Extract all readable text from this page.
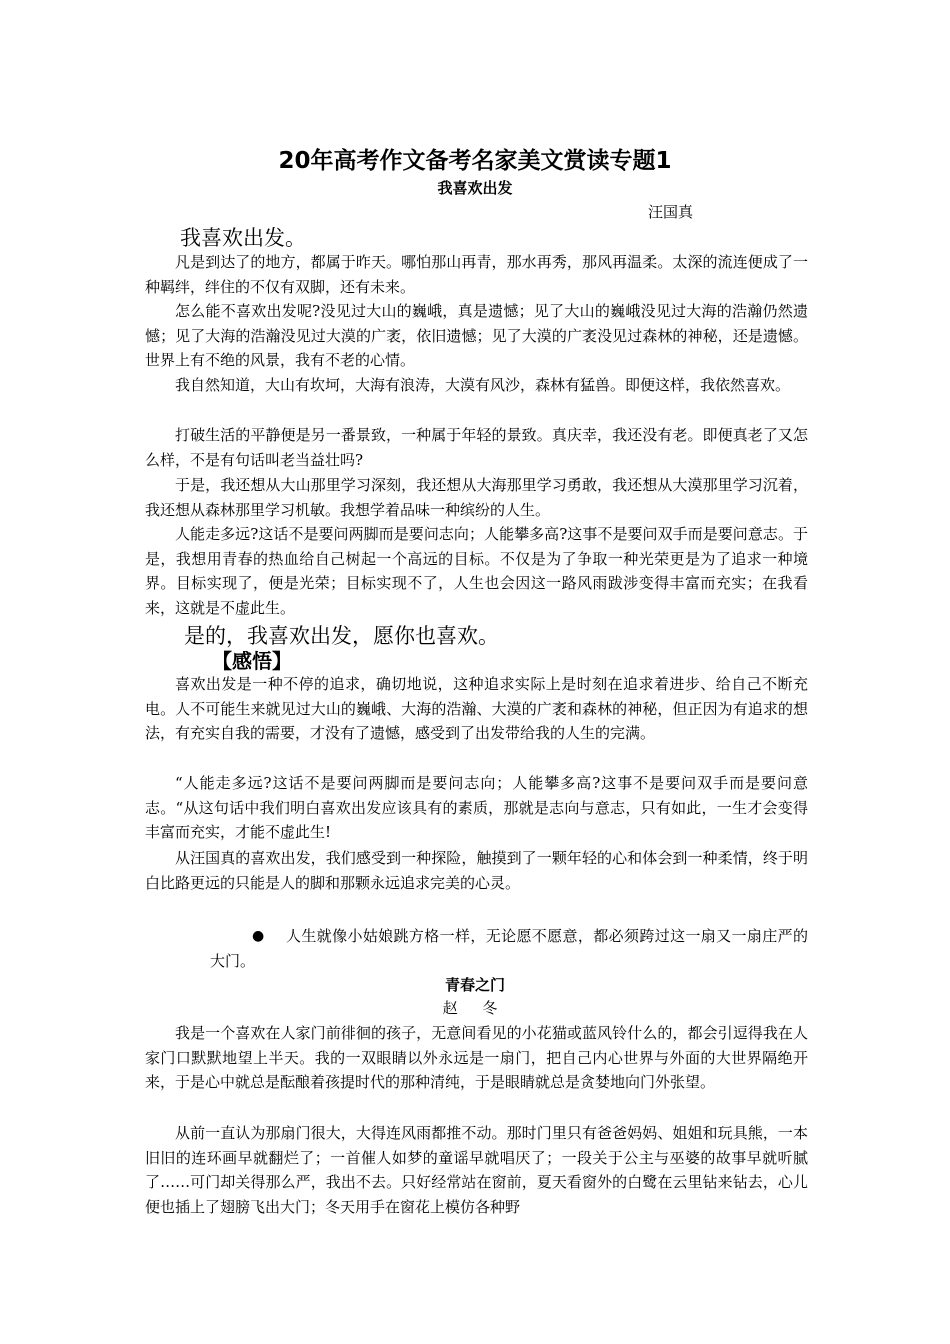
20年高考作文备考名家美文赏读专题1
我喜欢出发
汪国真
我喜欢出发。

凡是到达了的地方，都属于昨天。哪怕那山再青，那水再秀，那风再温柔。太深的流连便成了一种羁绊，绊住的不仅有双脚，还有未来。

怎么能不喜欢出发呢?没见过大山的巍峨，真是遗憾；见了大山的巍峨没见过大海的浩瀚仍然遗憾；见了大海的浩瀚没见过大漠的广袤，依旧遗憾；见了大漠的广袤没见过森林的神秘，还是遗憾。世界上有不绝的风景，我有不老的心情。

我自然知道，大山有坎坷，大海有浪涛，大漠有风沙，森林有猛兽。即便这样，我依然喜欢。

打破生活的平静便是另一番景致，一种属于年轻的景致。真庆幸，我还没有老。即便真老了又怎么样，不是有句话叫老当益壮吗?

于是，我还想从大山那里学习深刻，我还想从大海那里学习勇敢，我还想从大漠那里学习沉着，我还想从森林那里学习机敏。我想学着品味一种缤纷的人生。

人能走多远?这话不是要问两脚而是要问志向；人能攀多高?这事不是要问双手而是要问意志。于是，我想用青春的热血给自己树起一个高远的目标。不仅是为了争取一种光荣更是为了追求一种境界。目标实现了，便是光荣；目标实现不了，人生也会因这一路风雨跋涉变得丰富而充实；在我看来，这就是不虚此生。

是的，我喜欢出发，愿你也喜欢。
【感悟】

喜欢出发是一种不停的追求，确切地说，这种追求实际上是时刻在追求着进步、给自己不断充电。人不可能生来就见过大山的巍峨、大海的浩瀚、大漠的广袤和森林的神秘，但正因为有追求的想法，有充实自我的需要，才没有了遗憾，感受到了出发带给我的人生的完满。

“人能走多远?这话不是要问两脚而是要问志向；人能攀多高?这事不是要问双手而是要问意志。“从这句话中我们明白喜欢出发应该具有的素质，那就是志向与意志，只有如此，一生才会变得丰富而充实，才能不虚此生!

从汪国真的喜欢出发，我们感受到一种探险，触摸到了一颗年轻的心和体会到一种柔情，终于明白比路更远的只能是人的脚和那颗永远追求完美的心灵。

●	人生就像小姑娘跳方格一样，无论愿不愿意，都必须跨过这一扇又一扇庄严的大门。

青春之门
赵 冬

我是一个喜欢在人家门前徘徊的孩子，无意间看见的小花猫或蓝风铃什么的，都会引逗得我在人家门口默默地望上半天。我的一双眼睛以外永远是一扇门，把自己内心世界与外面的大世界隔绝开来，于是心中就总是酝酿着孩提时代的那种清纯，于是眼睛就总是贪婪地向门外张望。

从前一直认为那扇门很大，大得连风雨都推不动。那时门里只有爸爸妈妈、姐姐和玩具熊，一本旧旧的连环画早就翻烂了；一首催人如梦的童谣早就唱厌了；一段关于公主与巫婆的故事早就听腻了……可门却关得那么严，我出不去。只好经常站在窗前，夏天看窗外的白鹭在云里钻来钻去，心儿便也插上了翅膀飞出大门；冬天用手在窗花上模仿各种野
